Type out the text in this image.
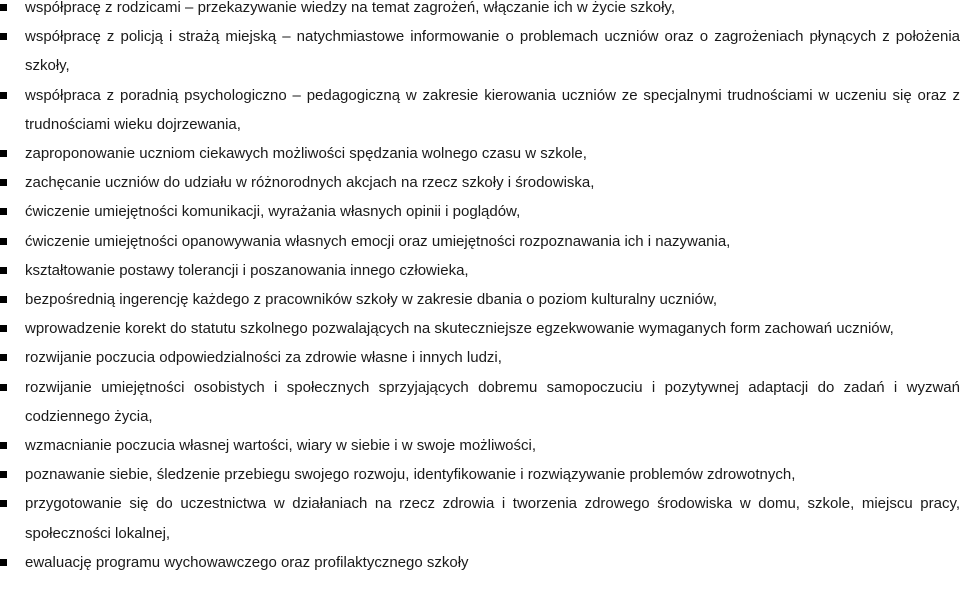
współpracę z rodzicami – przekazywanie wiedzy na temat zagrożeń, włączanie ich w życie szkoły,
współpracę z policją i strażą miejską – natychmiastowe informowanie o problemach uczniów oraz o zagrożeniach płynących z położenia szkoły,
współpraca z poradnią psychologiczno – pedagogiczną w zakresie kierowania uczniów ze specjalnymi trudnościami w uczeniu się oraz z trudnościami wieku dojrzewania,
zaproponowanie uczniom ciekawych możliwości spędzania wolnego czasu w szkole,
zachęcanie uczniów do udziału w różnorodnych akcjach na rzecz szkoły i środowiska,
ćwiczenie umiejętności komunikacji, wyrażania własnych opinii i poglądów,
ćwiczenie umiejętności opanowywania własnych emocji oraz umiejętności rozpoznawania ich i nazywania,
kształtowanie postawy tolerancji i poszanowania innego człowieka,
bezpośrednią ingerencję każdego z pracowników szkoły w zakresie dbania o poziom kulturalny uczniów,
wprowadzenie korekt do statutu szkolnego pozwalających na skuteczniejsze egzekwowanie wymaganych form zachowań uczniów,
rozwijanie poczucia odpowiedzialności za zdrowie własne i innych ludzi,
rozwijanie umiejętności osobistych i społecznych sprzyjających dobremu samopoczuciu i pozytywnej adaptacji do zadań i wyzwań codziennego życia,
wzmacnianie poczucia własnej wartości, wiary w siebie i w swoje możliwości,
poznawanie siebie, śledzenie przebiegu swojego rozwoju, identyfikowanie i rozwiązywanie problemów zdrowotnych,
przygotowanie się do uczestnictwa w działaniach na rzecz zdrowia i tworzenia zdrowego środowiska w domu, szkole, miejscu pracy, społeczności lokalnej,
ewaluację programu wychowawczego oraz profilaktycznego szkoły
